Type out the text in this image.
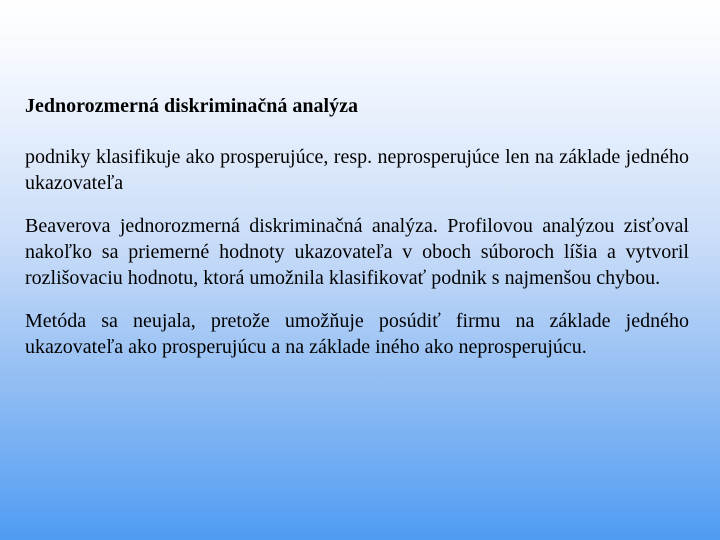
Jednorozmerná diskriminačná analýza

podniky klasifikuje ako prosperujúce, resp. neprosperujúce len na základe jedného ukazovateľa

Beaverova jednorozmerná diskriminačná analýza. Profilovou analýzou zisťoval nakoľko sa priemerné hodnoty ukazovateľa v oboch súboroch líšia a vytvoril rozlišovaciu hodnotu, ktorá umožnila klasifikovať podnik s najmenšou chybou.

Metóda sa neujala, pretože umožňuje posúdiť firmu na základe jedného ukazovateľa ako prosperujúcu a na základe iného ako neprosperujúcu.
